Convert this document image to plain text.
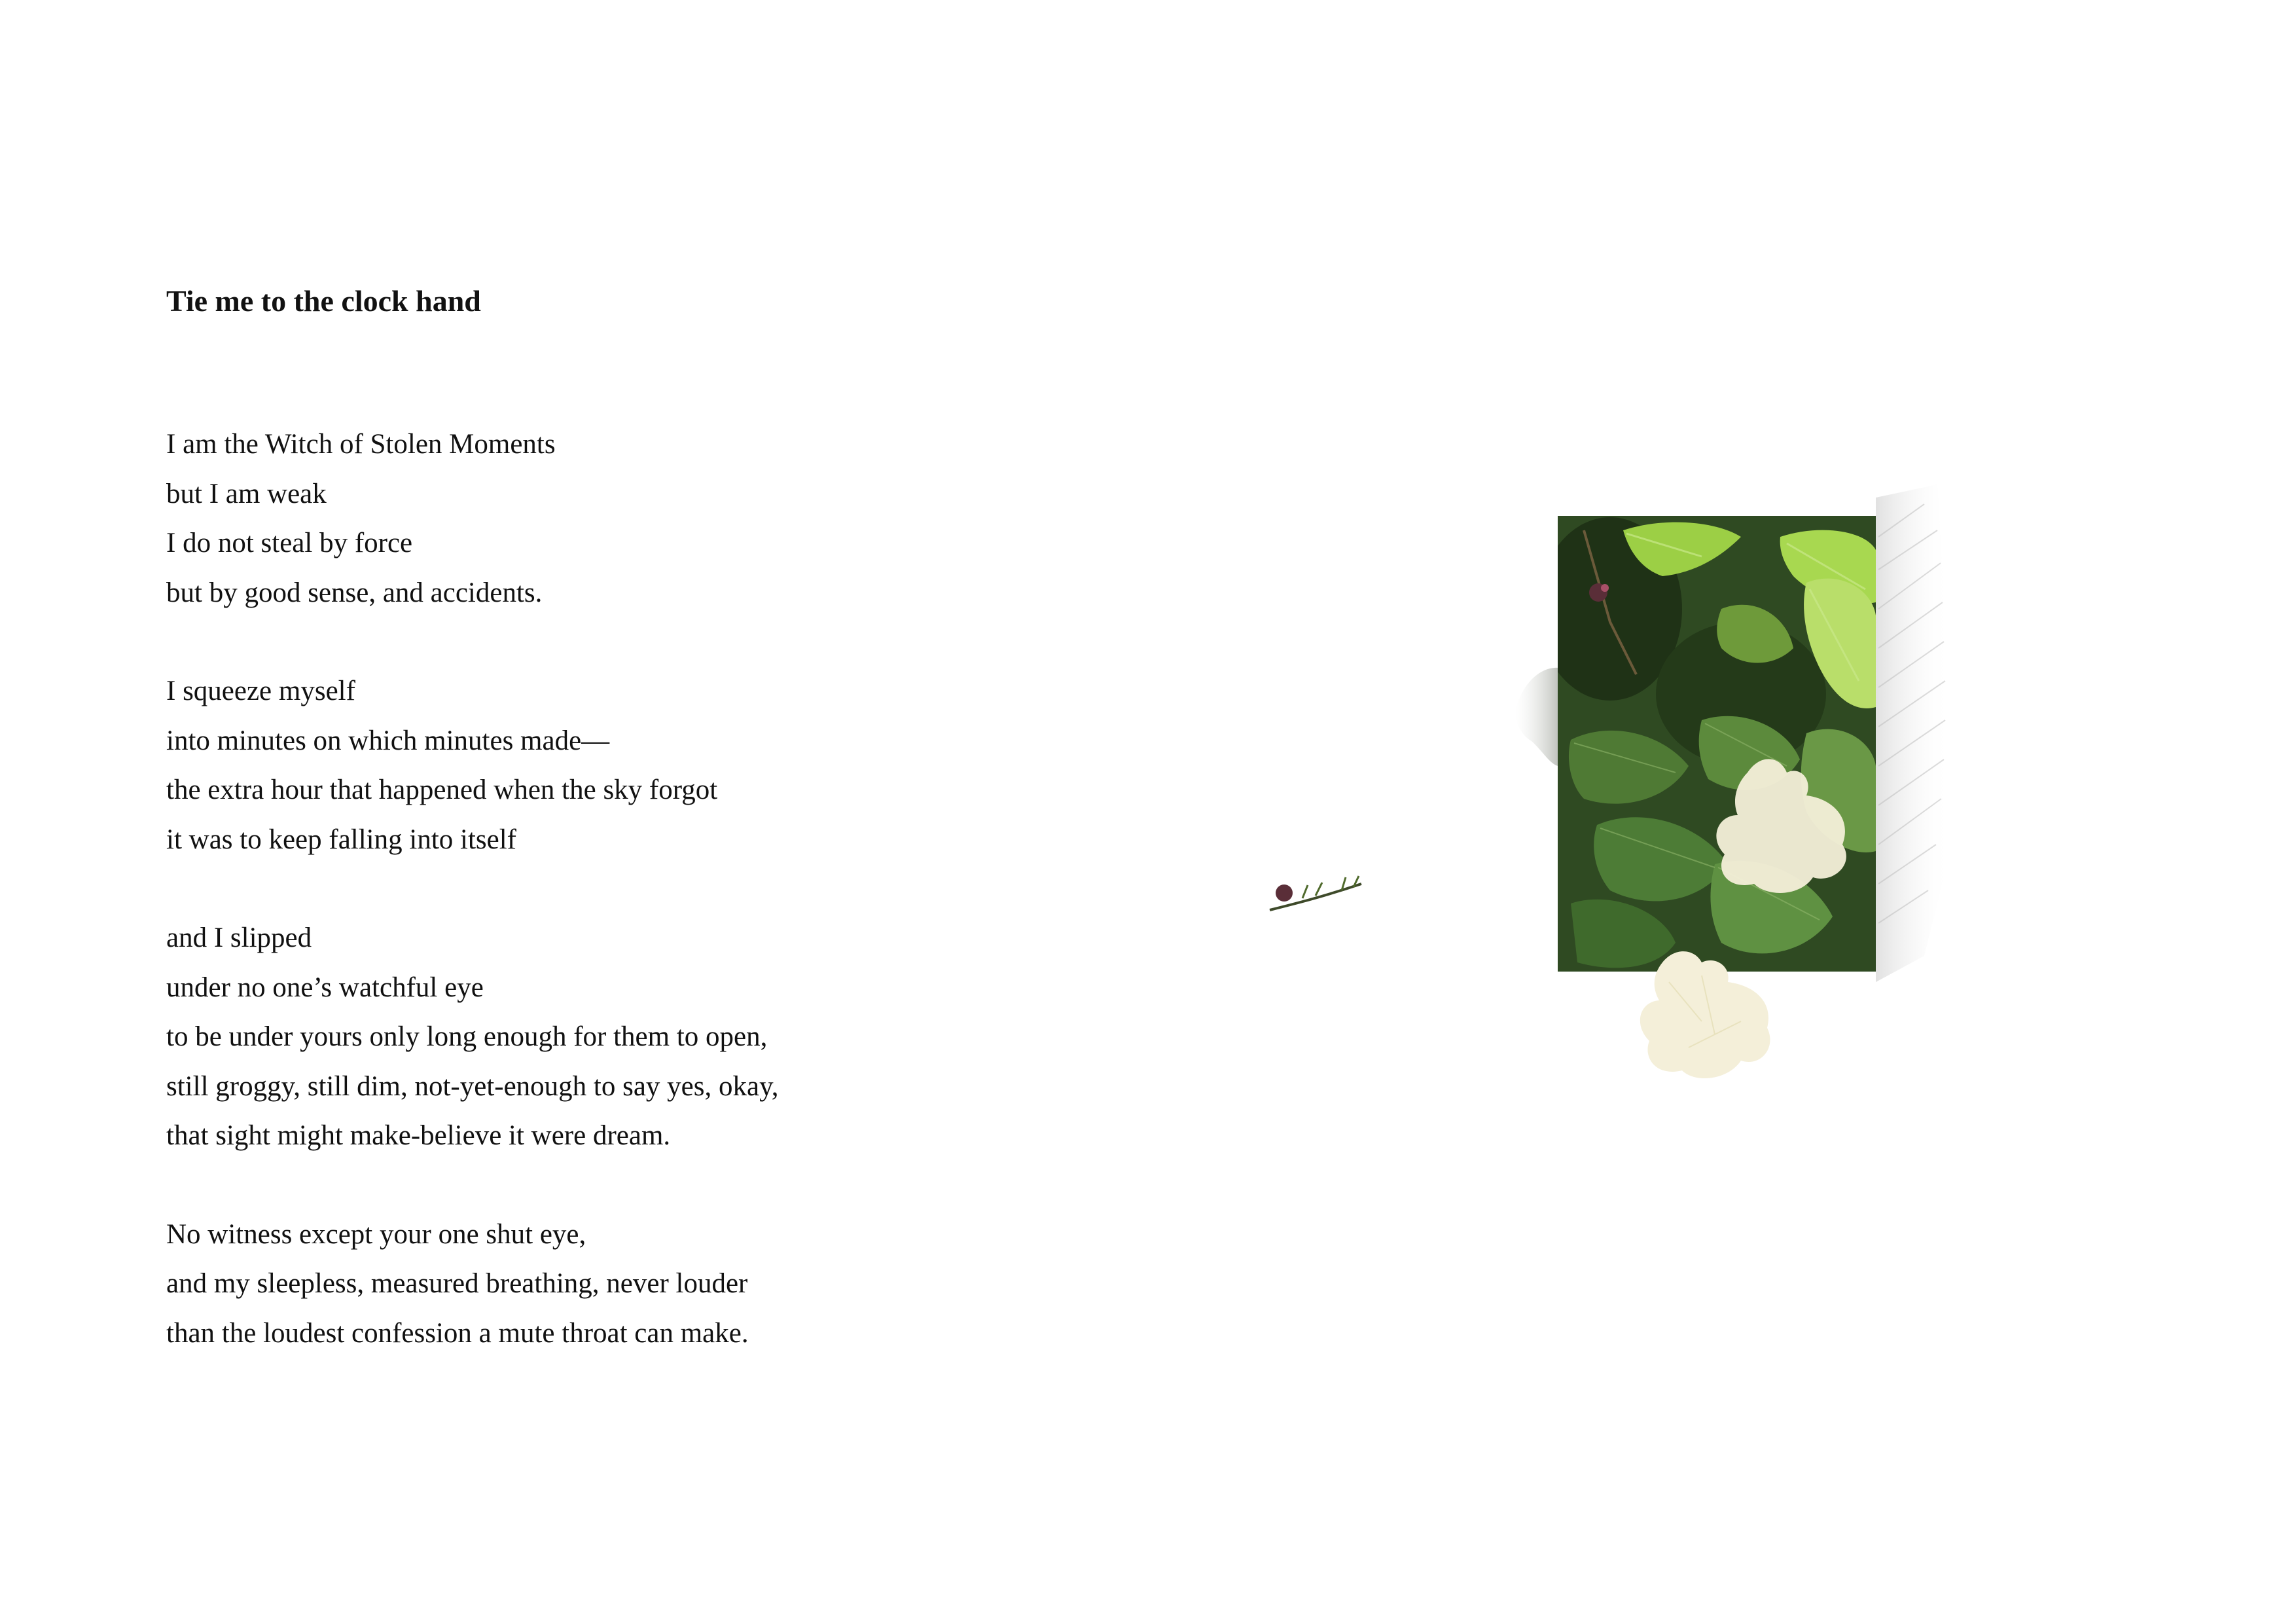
Tie me to the clock hand
I am the Witch of Stolen Moments
but I am weak
I do not steal by force
but by good sense, and accidents.
I squeeze myself
into minutes on which minutes made—
the extra hour that happened when the sky forgot
it was to keep falling into itself
and I slipped
under no one’s watchful eye
to be under yours only long enough for them to open,
still groggy, still dim, not-yet-enough to say yes, okay,
that sight might make-believe it were dream.
No witness except your one shut eye,
and my sleepless, measured breathing, never louder
than the loudest confession a mute throat can make.
